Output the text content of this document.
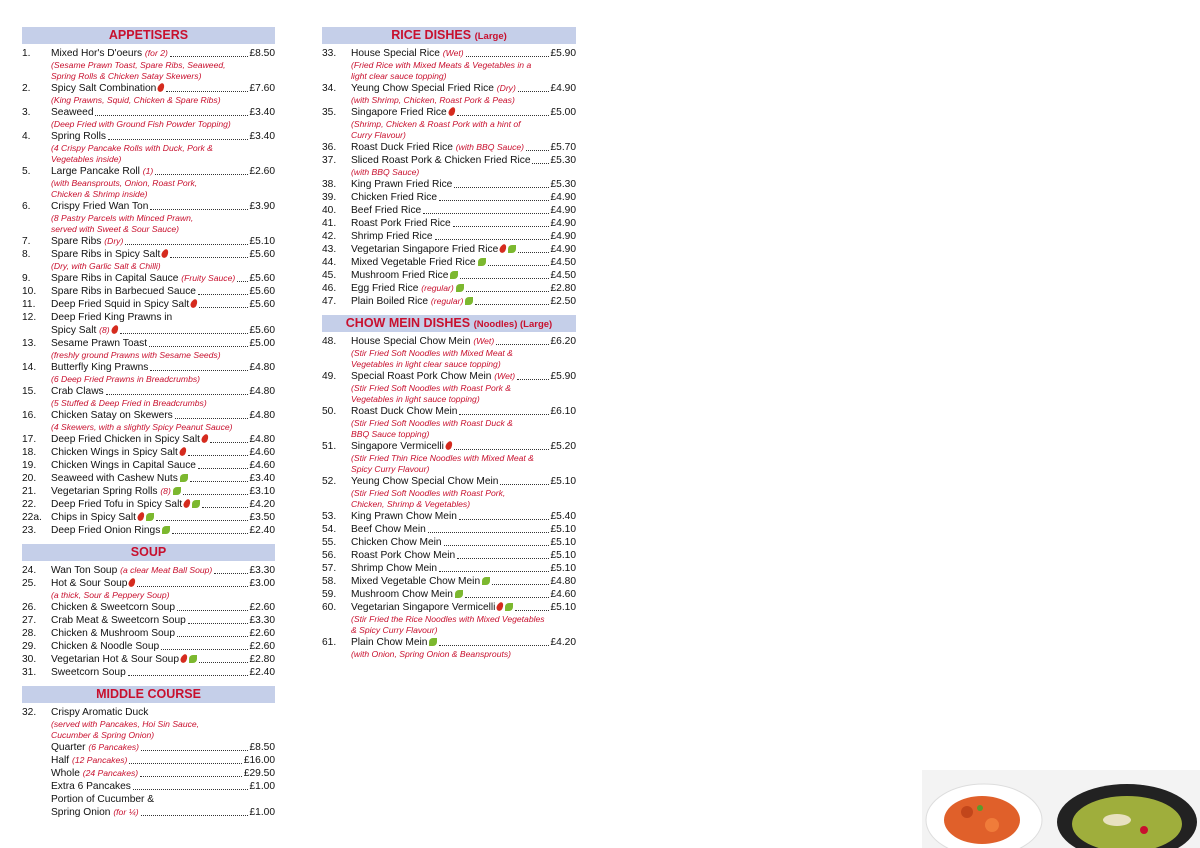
APPETISERS
1.	Mixed Hor's D'oeurs (for 2)	£8.50
(Sesame Prawn Toast, Spare Ribs, Seaweed,
Spring Rolls & Chicken Satay Skewers)
2.	Spicy Salt Combination	£7.60
(King Prawns, Squid, Chicken & Spare Ribs)
3.	Seaweed	£3.40
(Deep Fried with Ground Fish Powder Topping)
4.	Spring Rolls	£3.40
(4 Crispy Pancake Rolls with Duck, Pork &
Vegetables inside)
5.	Large Pancake Roll (1)	£2.60
(with Beansprouts, Onion, Roast Pork,
Chicken & Shrimp inside)
6.	Crispy Fried Wan Ton	£3.90
(8 Pastry Parcels with Minced Prawn,
served with Sweet & Sour Sauce)
7.	Spare Ribs (Dry)	£5.10
8.	Spare Ribs in Spicy Salt	£5.60
(Dry, with Garlic Salt & Chilli)
9.	Spare Ribs in Capital Sauce (Fruity Sauce) £5.60
10.	Spare Ribs in Barbecued Sauce	£5.60
11.	Deep Fried Squid in Spicy Salt	£5.60
12.	Deep Fried King Prawns in
Spicy Salt (8)	£5.60
13.	Sesame Prawn Toast	£5.00
(freshly ground Prawns with Sesame Seeds)
14.	Butterfly King Prawns	£4.80
(6 Deep Fried Prawns in Breadcrumbs)
15.	Crab Claws	£4.80
(5 Stuffed & Deep Fried in Breadcrumbs)
16.	Chicken Satay on Skewers	£4.80
(4 Skewers, with a slightly Spicy Peanut Sauce)
17.	Deep Fried Chicken in Spicy Salt	£4.80
18.	Chicken Wings in Spicy Salt	£4.60
19.	Chicken Wings in Capital Sauce	£4.60
20.	Seaweed with Cashew Nuts	£3.40
21.	Vegetarian Spring Rolls (8)	£3.10
22.	Deep Fried Tofu in Spicy Salt	£4.20
22a. Chips in Spicy Salt	£3.50
23.	Deep Fried Onion Rings	£2.40
SOUP
24.	Wan Ton Soup (a clear Meat Ball Soup)	£3.30
25.	Hot & Sour Soup	£3.00
(a thick, Sour & Peppery Soup)
26.	Chicken & Sweetcorn Soup	£2.60
27.	Crab Meat & Sweetcorn Soup	£3.30
28.	Chicken & Mushroom Soup	£2.60
29.	Chicken & Noodle Soup	£2.60
30.	Vegetarian Hot & Sour Soup	£2.80
31.	Sweetcorn Soup	£2.40
MIDDLE COURSE
32.	Crispy Aromatic Duck
(served with Pancakes, Hoi Sin Sauce,
Cucumber & Spring Onion)
Quarter (6 Pancakes)	£8.50
Half (12 Pancakes)	£16.00
Whole (24 Pancakes)	£29.50
Extra 6 Pancakes	£1.00
Portion of Cucumber &
Spring Onion (for ¼)	£1.00
RICE DISHES (Large)
33.	House Special Rice (Wet)	£5.90
(Fried Rice with Mixed Meats & Vegetables in a
light clear sauce topping)
34.	Yeung Chow Special Fried Rice (Dry)	£4.90
(with Shrimp, Chicken, Roast Pork & Peas)
35.	Singapore Fried Rice	£5.00
(Shrimp, Chicken & Roast Pork with a hint of
Curry Flavour)
36.	Roast Duck Fried Rice (with BBQ Sauce)	£5.70
37.	Sliced Roast Pork & Chicken Fried Rice £5.30
(with BBQ Sauce)
38.	King Prawn Fried Rice	£5.30
39.	Chicken Fried Rice	£4.90
40.	Beef Fried Rice	£4.90
41.	Roast Pork Fried Rice	£4.90
42.	Shrimp Fried Rice	£4.90
43.	Vegetarian Singapore Fried Rice	£4.90
44.	Mixed Vegetable Fried Rice	£4.50
45.	Mushroom Fried Rice	£4.50
46.	Egg Fried Rice (regular)	£2.80
47.	Plain Boiled Rice (regular)	£2.50
CHOW MEIN DISHES (Noodles) (Large)
48.	House Special Chow Mein (Wet)	£6.20
(Stir Fried Soft Noodles with Mixed Meat &
Vegetables in light clear sauce topping)
49.	Special Roast Pork Chow Mein (Wet)	£5.90
(Stir Fried Soft Noodles with Roast Pork &
Vegetables in light sauce topping)
50.	Roast Duck Chow Mein	£6.10
(Stir Fried Soft Noodles with Roast Duck &
BBQ Sauce topping)
51.	Singapore Vermicelli	£5.20
(Stir Fried Thin Rice Noodles with Mixed Meat &
Spicy Curry Flavour)
52.	Yeung Chow Special Chow Mein	£5.10
(Stir Fried Soft Noodles with Roast Pork,
Chicken, Shrimp & Vegetables)
53.	King Prawn Chow Mein	£5.40
54.	Beef Chow Mein	£5.10
55.	Chicken Chow Mein	£5.10
56.	Roast Pork Chow Mein	£5.10
57.	Shrimp Chow Mein	£5.10
58.	Mixed Vegetable Chow Mein	£4.80
59.	Mushroom Chow Mein	£4.60
60.	Vegetarian Singapore Vermicelli	£5.10
(Stir Fried the Rice Noodles with Mixed Vegetables
& Spicy Curry Flavour)
61.	Plain Chow Mein	£4.20
(with Onion, Spring Onion & Beansprouts)
